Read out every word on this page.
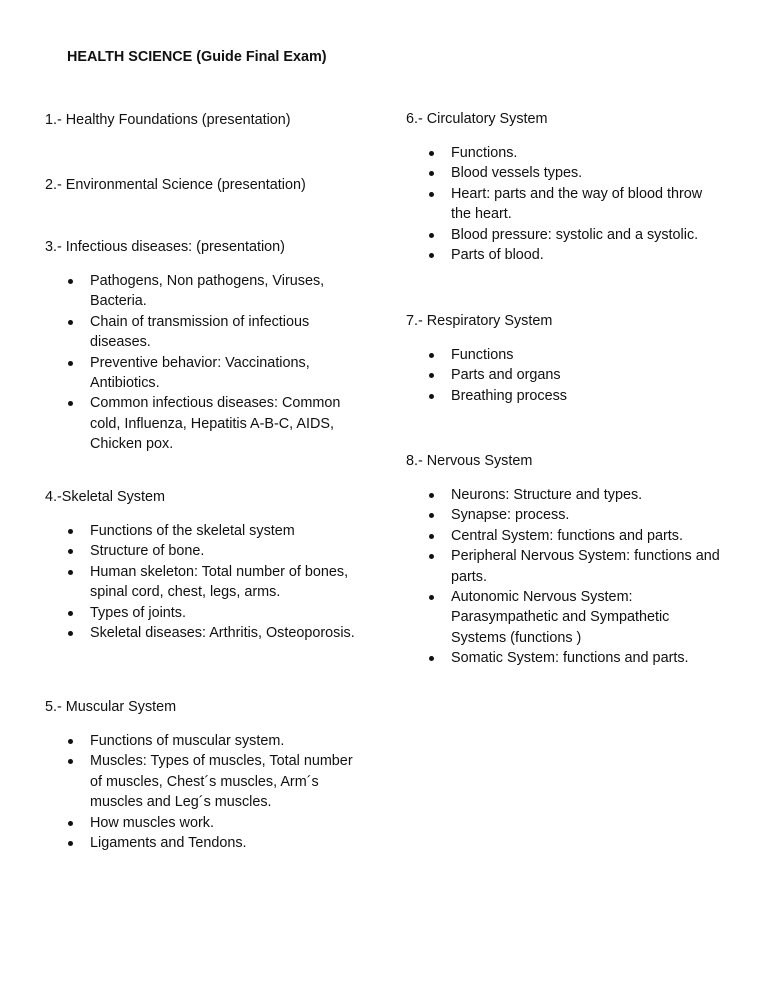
HEALTH SCIENCE (Guide Final Exam)

1.- Healthy Foundations (presentation)

2.- Environmental Science (presentation)

3.- Infectious diseases: (presentation)

Pathogens, Non pathogens, Viruses, Bacteria.
Chain of transmission of infectious diseases.
Preventive behavior: Vaccinations, Antibiotics.
Common infectious diseases: Common cold, Influenza, Hepatitis A-B-C, AIDS, Chicken pox.

4.-Skeletal System

Functions of the skeletal system
Structure of bone.
Human skeleton: Total number of bones, spinal cord, chest, legs, arms.
Types of joints.
Skeletal diseases: Arthritis, Osteoporosis.

5.- Muscular System

Functions of muscular system.
Muscles: Types of muscles, Total number of muscles, Chest´s muscles, Arm´s muscles and Leg´s muscles.
How muscles work.
Ligaments and Tendons.

6.- Circulatory System

Functions.
Blood vessels types.
Heart: parts and the way of blood throw the heart.
Blood pressure: systolic and a systolic.
Parts of blood.

7.- Respiratory System

Functions
Parts and organs
Breathing process

8.- Nervous System

Neurons: Structure and types.
Synapse: process.
Central System: functions and parts.
Peripheral Nervous System: functions and parts.
Autonomic Nervous System: Parasympathetic and Sympathetic Systems (functions )
Somatic System: functions and parts.
